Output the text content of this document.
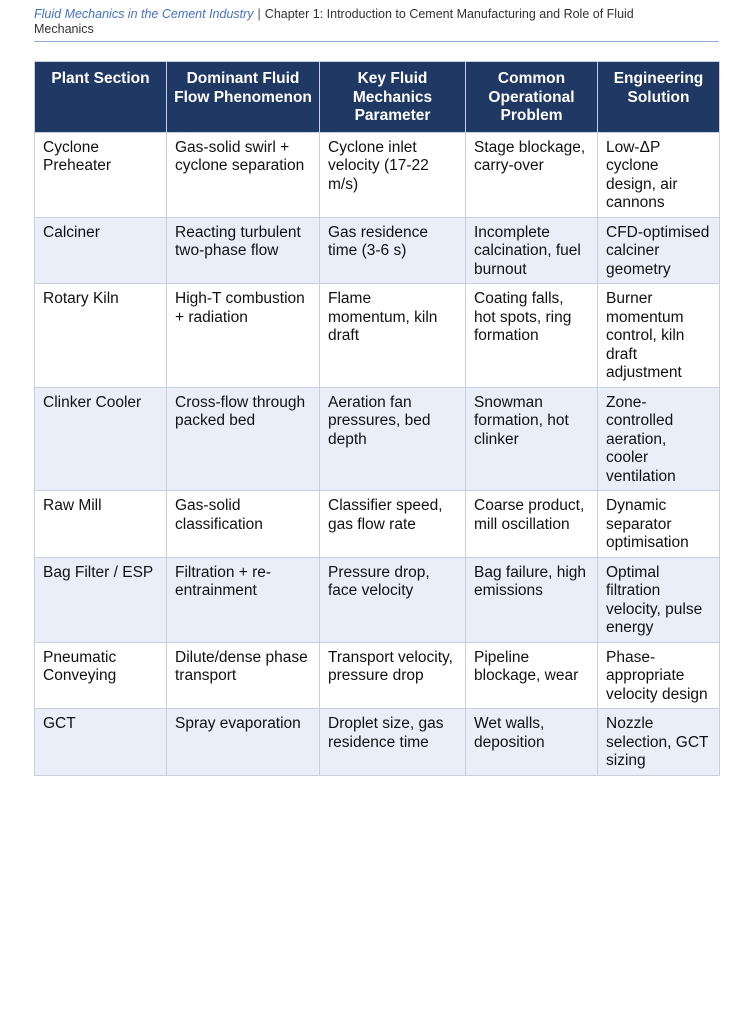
Fluid Mechanics in the Cement Industry | Chapter 1: Introduction to Cement Manufacturing and Role of Fluid Mechanics
Plant Section	Dominant Fluid Flow Phenomenon	Key Fluid Mechanics Parameter	Common Operational Problem	Engineering Solution
Cyclone Preheater	Gas-solid swirl + cyclone separation	Cyclone inlet velocity (17-22 m/s)	Stage blockage, carry-over	Low-ΔP cyclone design, air cannons
Calciner	Reacting turbulent two-phase flow	Gas residence time (3-6 s)	Incomplete calcination, fuel burnout	CFD-optimised calciner geometry
Rotary Kiln	High-T combustion + radiation	Flame momentum, kiln draft	Coating falls, hot spots, ring formation	Burner momentum control, kiln draft adjustment
Clinker Cooler	Cross-flow through packed bed	Aeration fan pressures, bed depth	Snowman formation, hot clinker	Zone-controlled aeration, cooler ventilation
Raw Mill	Gas-solid classification	Classifier speed, gas flow rate	Coarse product, mill oscillation	Dynamic separator optimisation
Bag Filter / ESP	Filtration + re-entrainment	Pressure drop, face velocity	Bag failure, high emissions	Optimal filtration velocity, pulse energy
Pneumatic Conveying	Dilute/dense phase transport	Transport velocity, pressure drop	Pipeline blockage, wear	Phase-appropriate velocity design
GCT	Spray evaporation	Droplet size, gas residence time	Wet walls, deposition	Nozzle selection, GCT sizing
